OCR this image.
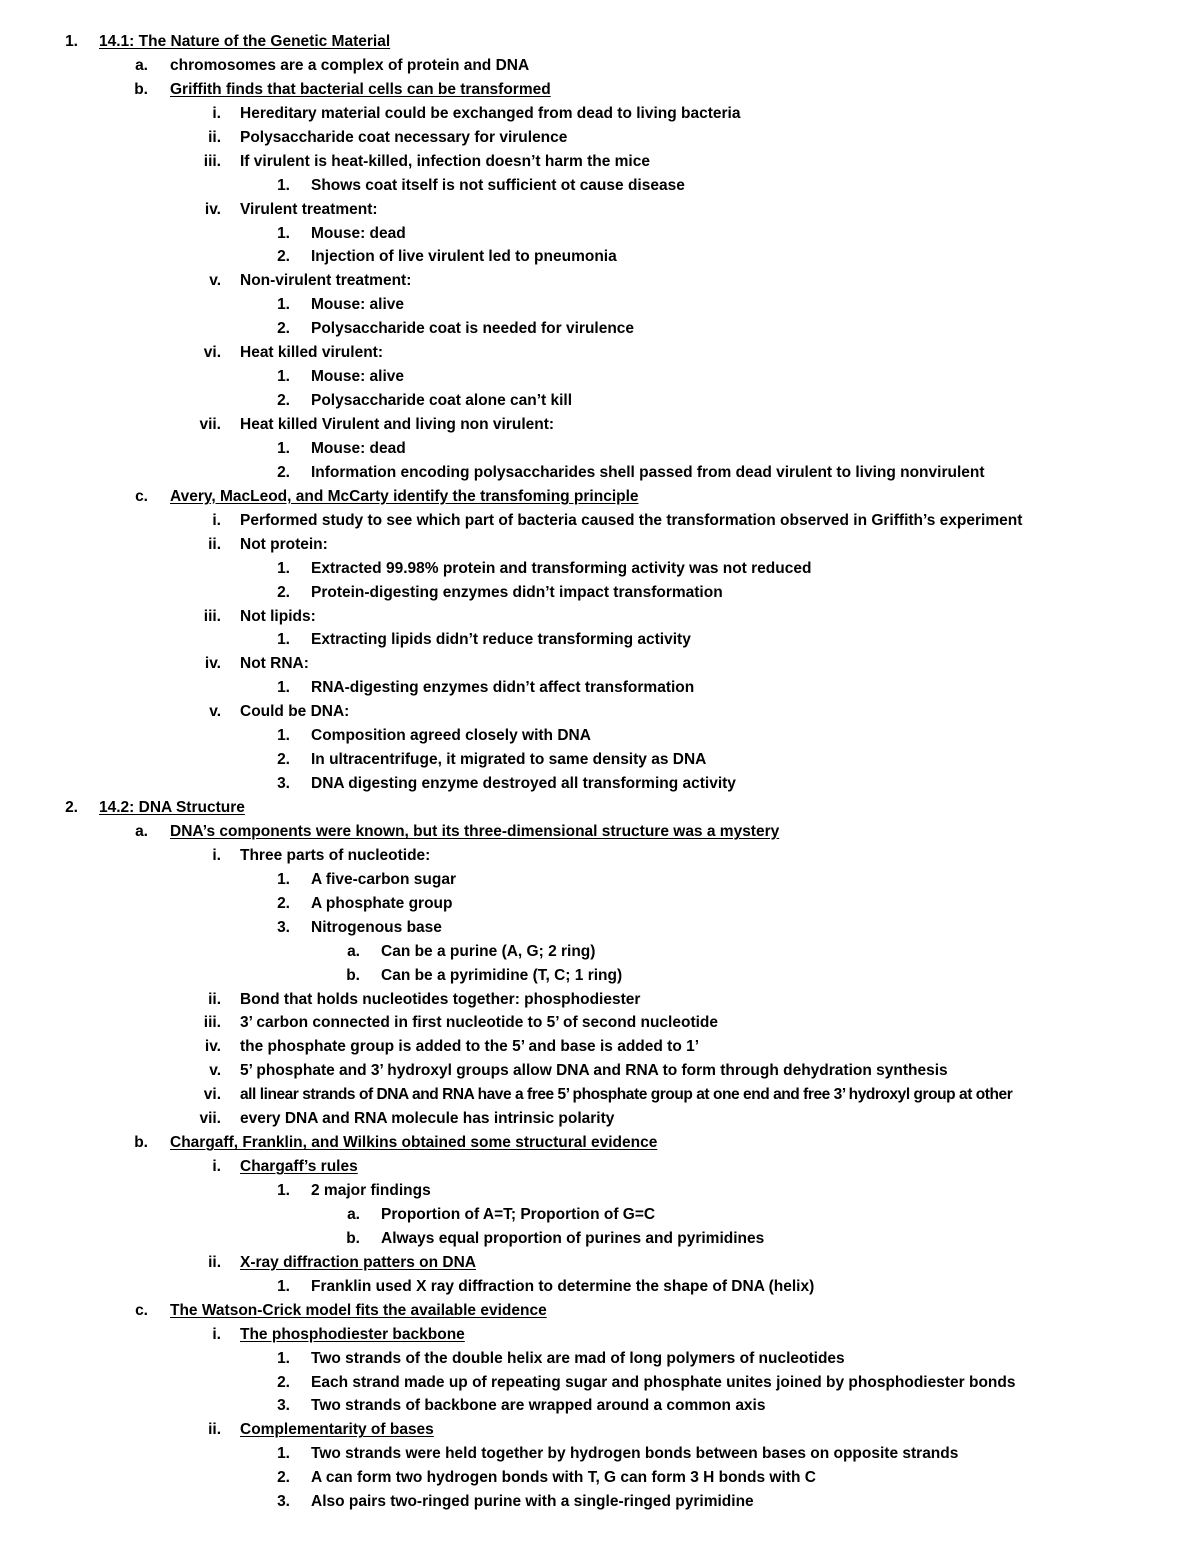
1. 14.1: The Nature of the Genetic Material
a. chromosomes are a complex of protein and DNA
b. Griffith finds that bacterial cells can be transformed
i. Hereditary material could be exchanged from dead to living bacteria
ii. Polysaccharide coat necessary for virulence
iii. If virulent is heat-killed, infection doesn’t harm the mice
1. Shows coat itself is not sufficient ot cause disease
iv. Virulent treatment:
1. Mouse: dead
2. Injection of live virulent led to pneumonia
v. Non-virulent treatment:
1. Mouse: alive
2. Polysaccharide coat is needed for virulence
vi. Heat killed virulent:
1. Mouse: alive
2. Polysaccharide coat alone can’t kill
vii. Heat killed Virulent and living non virulent:
1. Mouse: dead
2. Information encoding polysaccharides shell passed from dead virulent to living nonvirulent
c. Avery, MacLeod, and McCarty identify the transfoming principle
i. Performed study to see which part of bacteria caused the transformation observed in Griffith’s experiment
ii. Not protein:
1. Extracted 99.98% protein and transforming activity was not reduced
2. Protein-digesting enzymes didn’t impact transformation
iii. Not lipids:
1. Extracting lipids didn’t reduce transforming activity
iv. Not RNA:
1. RNA-digesting enzymes didn’t affect transformation
v. Could be DNA:
1. Composition agreed closely with DNA
2. In ultracentrifuge, it migrated to same density as DNA
3. DNA digesting enzyme destroyed all transforming activity
2. 14.2: DNA Structure
a. DNA’s components were known, but its three-dimensional structure was a mystery
i. Three parts of nucleotide:
1. A five-carbon sugar
2. A phosphate group
3. Nitrogenous base
a. Can be a purine (A, G; 2 ring)
b. Can be a pyrimidine (T, C; 1 ring)
ii. Bond that holds nucleotides together: phosphodiester
iii. 3’ carbon connected in first nucleotide to 5’ of second nucleotide
iv. the phosphate group is added to the 5’ and base is added to 1’
v. 5’ phosphate and 3’ hydroxyl groups allow DNA and RNA to form through dehydration synthesis
vi. all linear strands of DNA and RNA have a free 5’ phosphate group at one end and free 3’ hydroxyl group at other
vii. every DNA and RNA molecule has intrinsic polarity
b. Chargaff, Franklin, and Wilkins obtained some structural evidence
i. Chargaff’s rules
1. 2 major findings
a. Proportion of A=T; Proportion of G=C
b. Always equal proportion of purines and pyrimidines
ii. X-ray diffraction patters on DNA
1. Franklin used X ray diffraction to determine the shape of DNA (helix)
c. The Watson-Crick model fits the available evidence
i. The phosphodiester backbone
1. Two strands of the double helix are mad of long polymers of nucleotides
2. Each strand made up of repeating sugar and phosphate unites joined by phosphodiester bonds
3. Two strands of backbone are wrapped around a common axis
ii. Complementarity of bases
1. Two strands were held together by hydrogen bonds between bases on opposite strands
2. A can form two hydrogen bonds with T, G can form 3 H bonds with C
3. Also pairs two-ringed purine with a single-ringed pyrimidine
